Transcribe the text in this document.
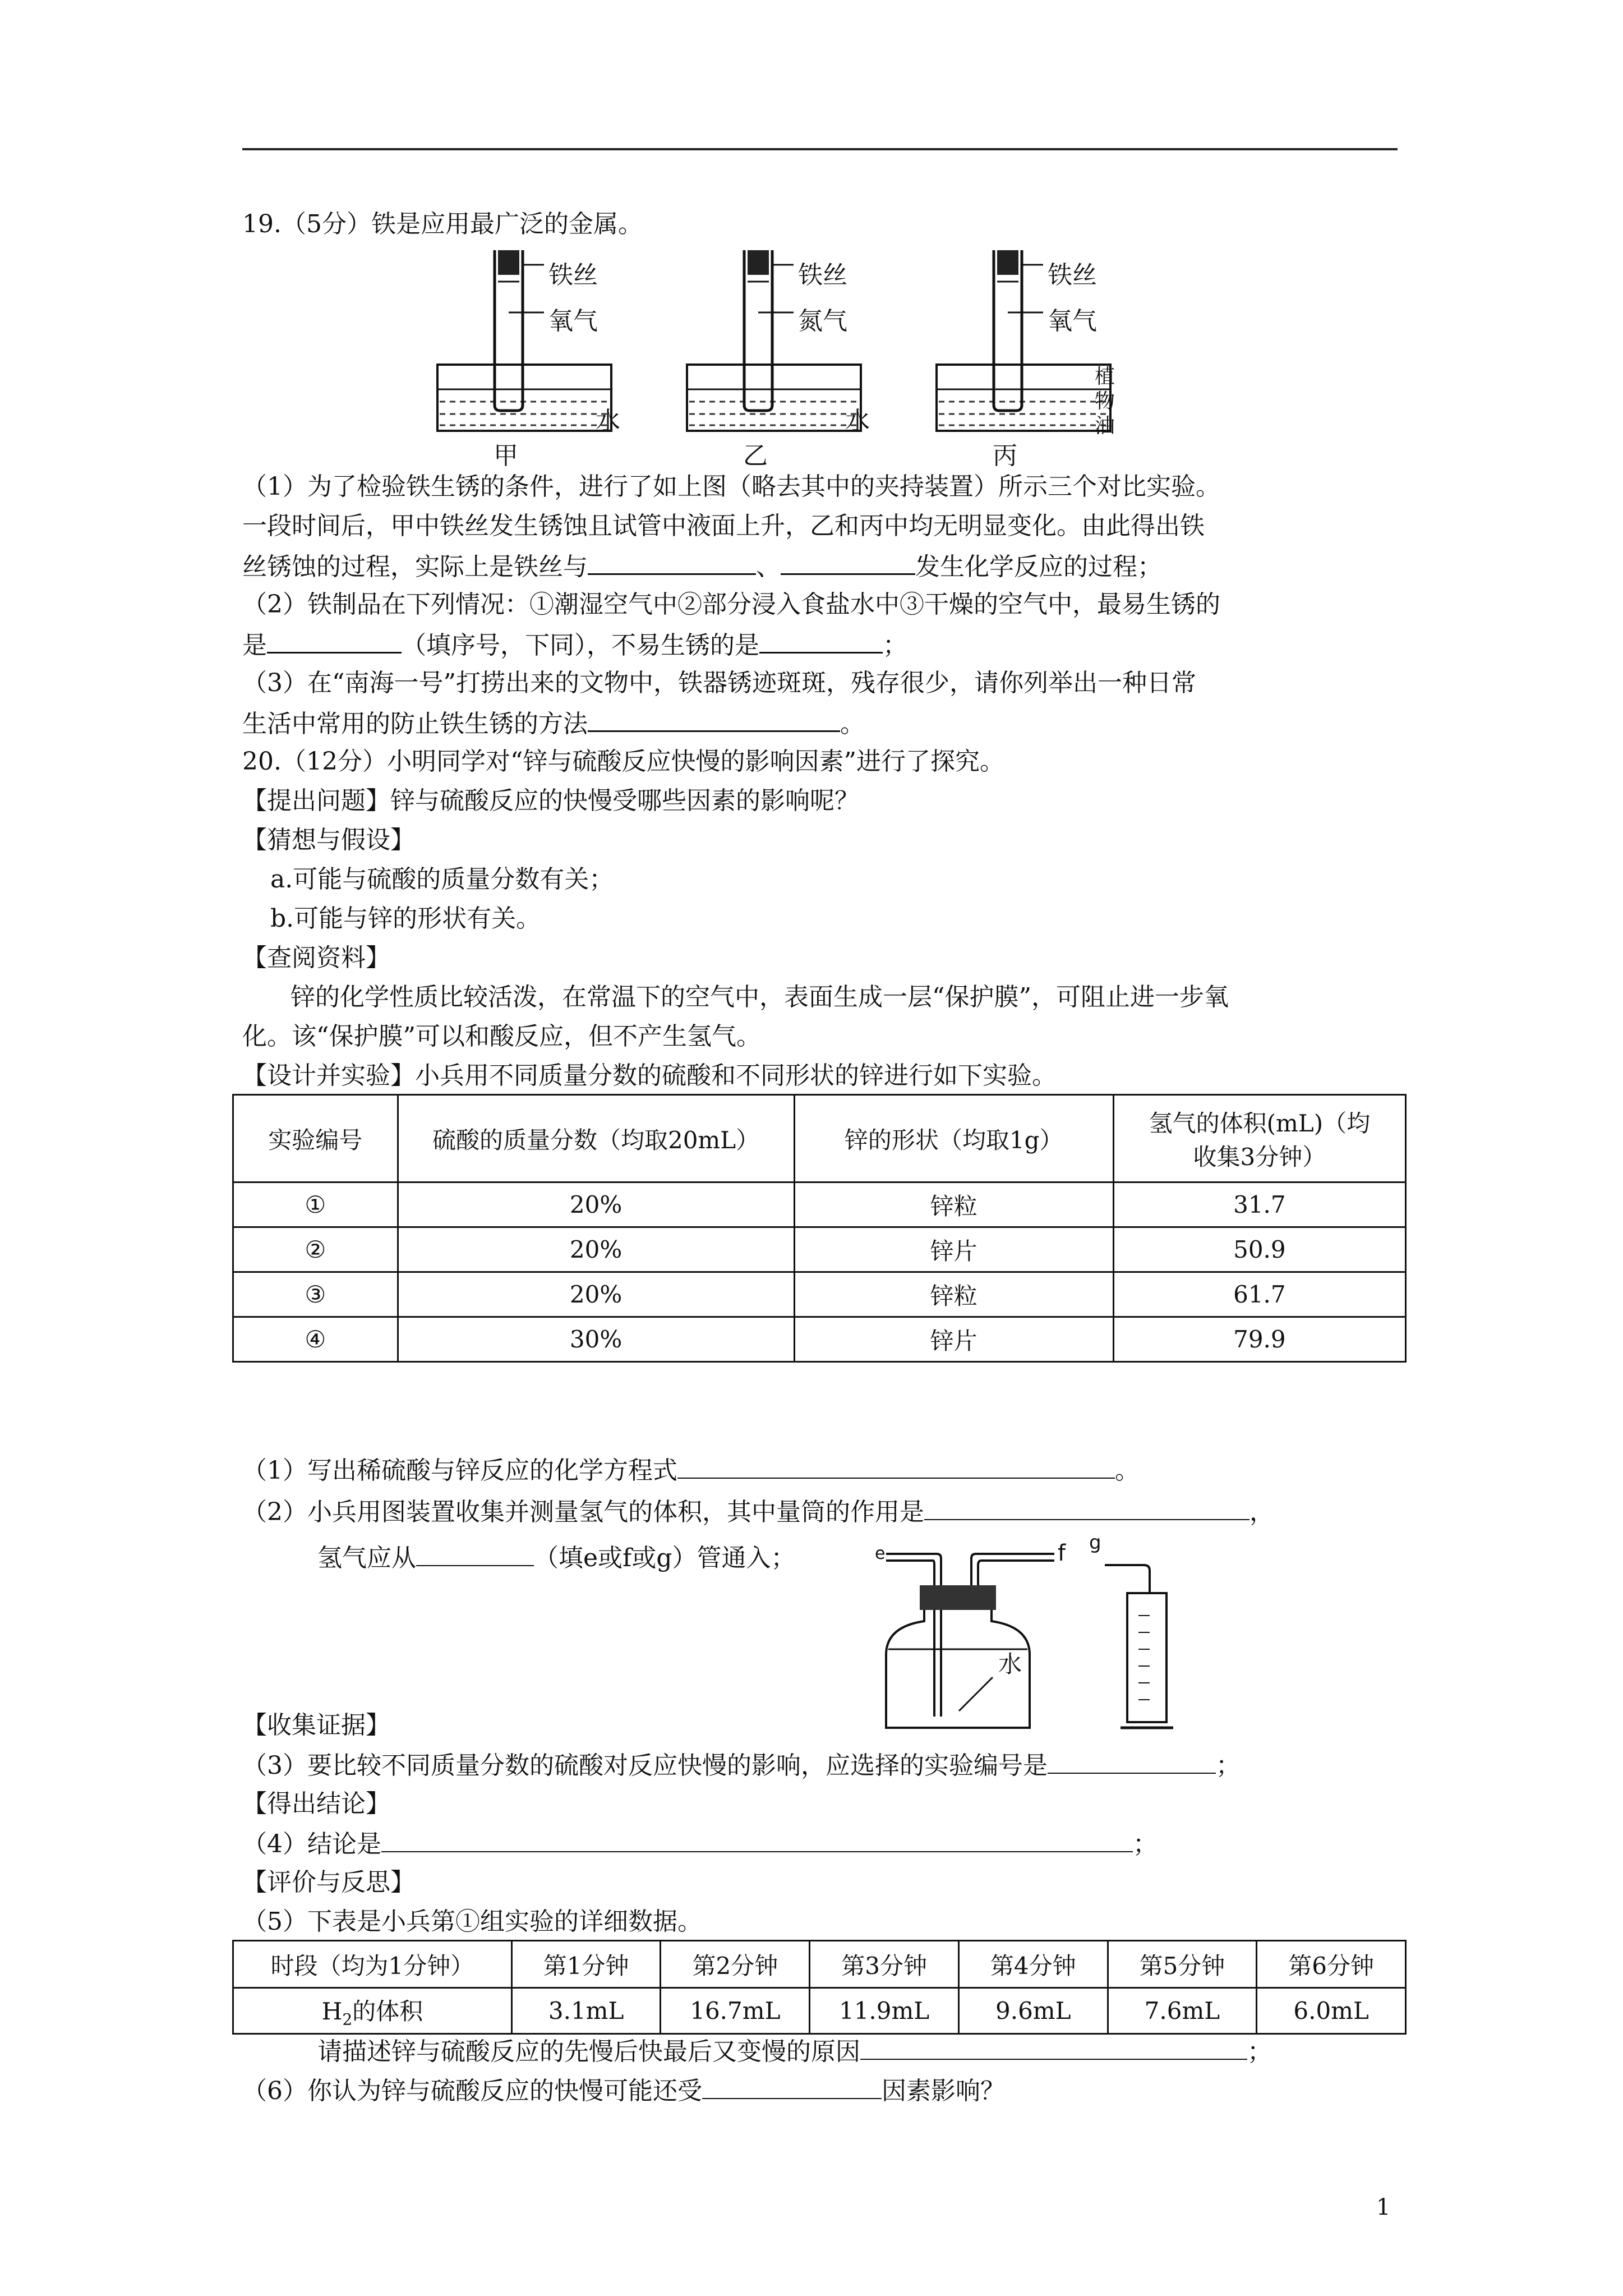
19.（5分）铁是应用最广泛的金属。
铁丝
氧气
水
甲
铁丝
氮气
水
乙
铁丝
氧气
植物油
丙
（1）为了检验铁生锈的条件，进行了如上图（略去其中的夹持装置）所示三个对比实验。
一段时间后，甲中铁丝发生锈蚀且试管中液面上升，乙和丙中均无明显变化。由此得出铁
丝锈蚀的过程，实际上是铁丝与	、	发生化学反应的过程；
（2）铁制品在下列情况：①潮湿空气中②部分浸入食盐水中③干燥的空气中，最易生锈的
是	（填序号，下同），不易生锈的是	；
（3）在“南海一号”打捞出来的文物中，铁器锈迹斑斑，残存很少，请你列举出一种日常
生活中常用的防止铁生锈的方法	。
20.（12分）小明同学对“锌与硫酸反应快慢的影响因素”进行了探究。
【提出问题】锌与硫酸反应的快慢受哪些因素的影响呢？
【猜想与假设】
a.可能与硫酸的质量分数有关；
b.可能与锌的形状有关。
【查阅资料】
锌的化学性质比较活泼，在常温下的空气中，表面生成一层“保护膜”，可阻止进一步氧
化。该“保护膜”可以和酸反应，但不产生氢气。
【设计并实验】小兵用不同质量分数的硫酸和不同形状的锌进行如下实验。
实验编号	硫酸的质量分数（均取20mL）	锌的形状（均取1g）	氢气的体积(mL)（均
收集3分钟）

①	20%	锌粒	31.7
②	20%	锌片	50.9
③	20%	锌粒	61.7
④	30%	锌片	79.9
（1）写出稀硫酸与锌反应的化学方程式	。
（2）小兵用图装置收集并测量氢气的体积，其中量筒的作用是	，
氢气应从	（填e或f或g）管通入；	e	f g
水
【收集证据】
（3）要比较不同质量分数的硫酸对反应快慢的影响，应选择的实验编号是	；
【得出结论】
（4）结论是	；
【评价与反思】
（5）下表是小兵第①组实验的详细数据。
时段（均为1分钟）	第1分钟	第2分钟	第3分钟	第4分钟	第5分钟	第6分钟
$H_2$的体积	3.1mL	16.7mL	11.9mL	9.6mL	7.6mL	6.0mL
请描述锌与硫酸反应的先慢后快最后又变慢的原因	；
（6）你认为锌与硫酸反应的快慢可能还受	因素影响？
1
